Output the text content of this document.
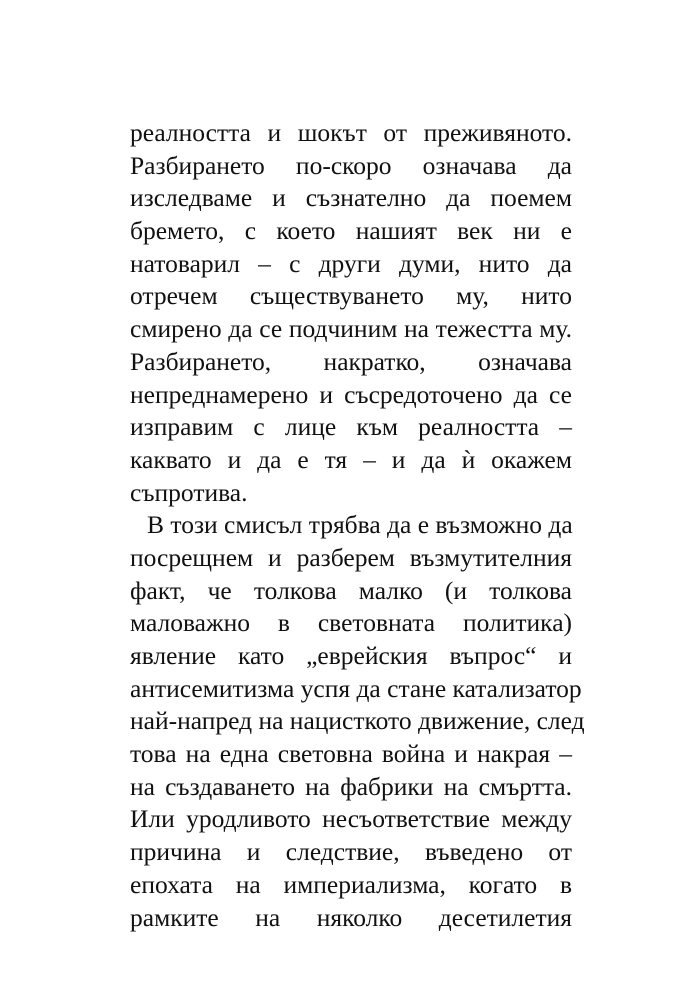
реалността и шокът от преживяното.
Разбирането по-скоро означава да
изследваме и съзнателно да поемем
бремето, с което нашият век ни е
натоварил – с други думи, нито да
отречем съществуването му, нито
смирено да се подчиним на тежестта му.
Разбирането, накратко, означава
непреднамерено и съсредоточено да се
изправим с лице към реалността –
каквато и да е тя – и да ѝ окажем
съпротива.
В този смисъл трябва да е възможно да
посрещнем и разберем възмутителния
факт, че толкова малко (и толкова
маловажно в световната политика)
явление като „еврейския въпрос“ и
антисемитизма успя да стане катализатор
най-напред на нацисткото движение, след
това на една световна война и накрая –
на създаването на фабрики на смъртта.
Или уродливото несъответствие между
причина и следствие, въведено от
епохата на империализма, когато в
рамките на няколко десетилетия
